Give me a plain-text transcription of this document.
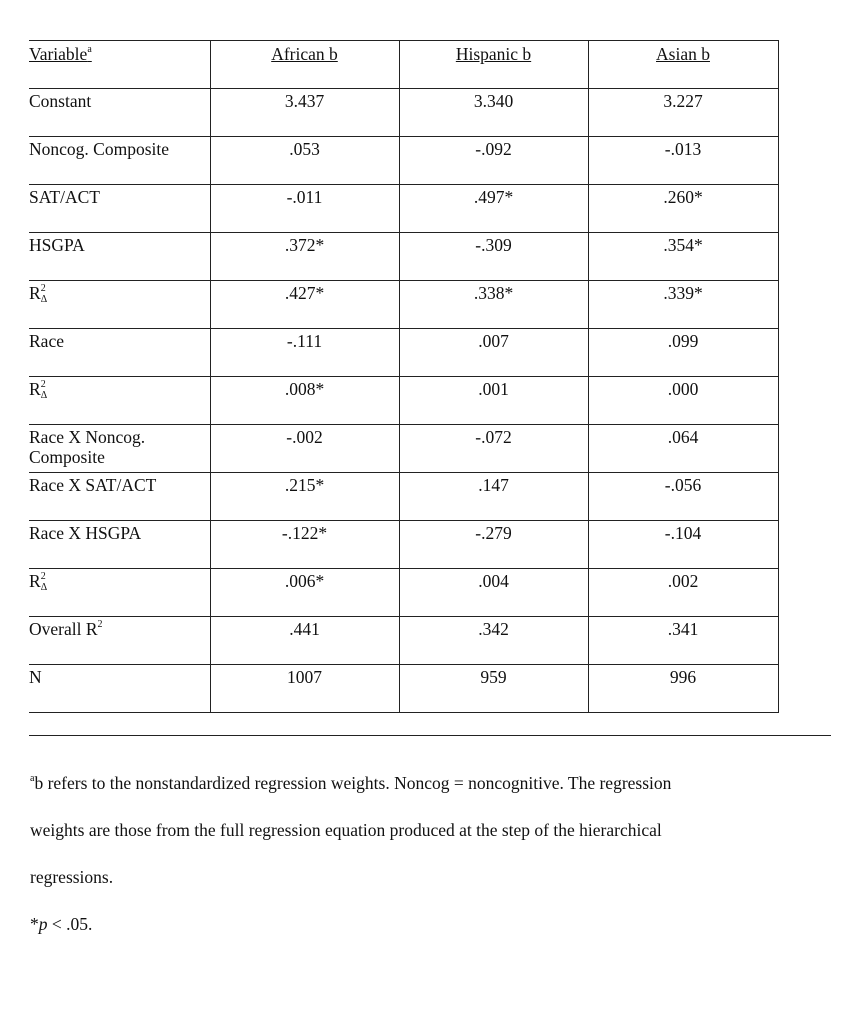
Variable$^a$	African b	Hispanic b	Asian b
Constant	3.437	3.340	3.227
Noncog. Composite	.053	-.092	-.013
SAT/ACT	-.011	.497*	.260*
HSGPA	.372*	-.309	.354*
$R^2_\Delta$	.427*	.338*	.339*
Race	-.111	.007	.099
$R^2_\Delta$	.008*	.001	.000
Race X Noncog. Composite	-.002	-.072	.064
Race X SAT/ACT	.215*	.147	-.056
Race X HSGPA	-.122*	-.279	-.104
$R^2_\Delta$	.006*	.004	.002
Overall $R^2$	.441	.342	.341
N	1007	959	996

$^a$b refers to the nonstandardized regression weights. Noncog = noncognitive. The regression

weights are those from the full regression equation produced at the step of the hierarchical

regressions.

*p < .05.
